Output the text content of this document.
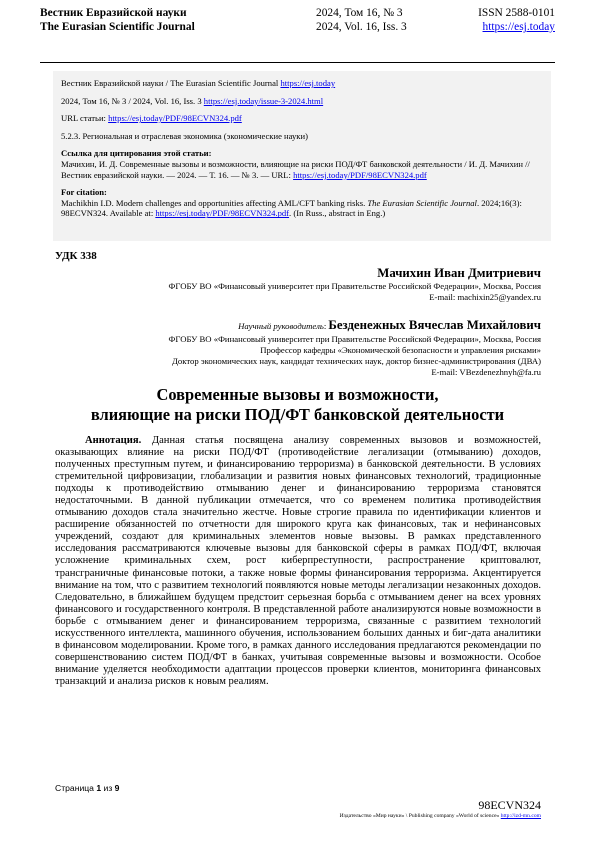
Вестник Евразийской науки
The Eurasian Scientific Journal
2024, Том 16, № 3
2024, Vol. 16, Iss. 3
ISSN 2588-0101
https://esj.today

Вестник Евразийской науки / The Eurasian Scientific Journal https://esj.today

2024, Том 16, № 3 / 2024, Vol. 16, Iss. 3 https://esj.today/issue-3-2024.html

URL статьи: https://esj.today/PDF/98ECVN324.pdf

5.2.3. Региональная и отраслевая экономика (экономические науки)

Ссылка для цитирования этой статьи:
Мачихин, И. Д. Современные вызовы и возможности, влияющие на риски ПОД/ФТ банковской деятельности / И. Д. Мачихин // Вестник евразийской науки. — 2024. — Т. 16. — № 3. — URL: https://esj.today/PDF/98ECVN324.pdf

For citation:
Machikhin I.D. Modern challenges and opportunities affecting AML/CFT banking risks. The Eurasian Scientific Journal. 2024;16(3): 98ECVN324. Available at: https://esj.today/PDF/98ECVN324.pdf. (In Russ., abstract in Eng.)

УДК 338
Мачихин Иван Дмитриевич
ФГОБУ ВО «Финансовый университет при Правительстве Российской Федерации», Москва, Россия
E-mail: machixin25@yandex.ru
Научный руководитель: Безденежных Вячеслав Михайлович
ФГОБУ ВО «Финансовый университет при Правительстве Российской Федерации», Москва, Россия
Профессор кафедры «Экономической безопасности и управления рисками»
Доктор экономических наук, кандидат технических наук, доктор бизнес-администрирования (ДВА)
E-mail: VBezdenezhnyh@fa.ru
Современные вызовы и возможности,
влияющие на риски ПОД/ФТ банковской деятельности

Аннотация. Данная статья посвящена анализу современных вызовов и возможностей, оказывающих влияние на риски ПОД/ФТ (противодействие легализации (отмыванию) доходов, полученных преступным путем, и финансированию терроризма) в банковской деятельности. В условиях стремительной цифровизации, глобализации и развития новых финансовых технологий, традиционные подходы к противодействию отмыванию денег и финансированию терроризма становятся недостаточными. В данной публикации отмечается, что со временем политика противодействия отмыванию доходов стала значительно жестче. Новые строгие правила по идентификации клиентов и расширение обязанностей по отчетности для широкого круга как финансовых, так и нефинансовых учреждений, создают для криминальных элементов новые вызовы. В рамках представленного исследования рассматриваются ключевые вызовы для банковской сферы в рамках ПОД/ФТ, включая усложнение криминальных схем, рост киберпреступности, распространение криптовалют, трансграничные финансовые потоки, а также новые формы финансирования терроризма. Акцентируется внимание на том, что с развитием технологий появляются новые методы легализации незаконных доходов. Следовательно, в ближайшем будущем предстоит серьезная борьба с отмыванием денег на всех уровнях финансового и государственного контроля. В представленной работе анализируются новые возможности в борьбе с отмыванием денег и финансированием терроризма, связанные с развитием технологий искусственного интеллекта, машинного обучения, использованием больших данных и биг-дата аналитики в финансовом моделировании. Кроме того, в рамках данного исследования предлагаются рекомендации по совершенствованию систем ПОД/ФТ в банках, учитывая современные вызовы и возможности. Особое внимание уделяется необходимости адаптации процессов проверки клиентов, мониторинга финансовых транзакций и анализа рисков к новым реалиям.

Страница 1 из 9
98ECVN324
Издательство «Мир науки» \ Publishing company «World of science» http://izd-mn.com
